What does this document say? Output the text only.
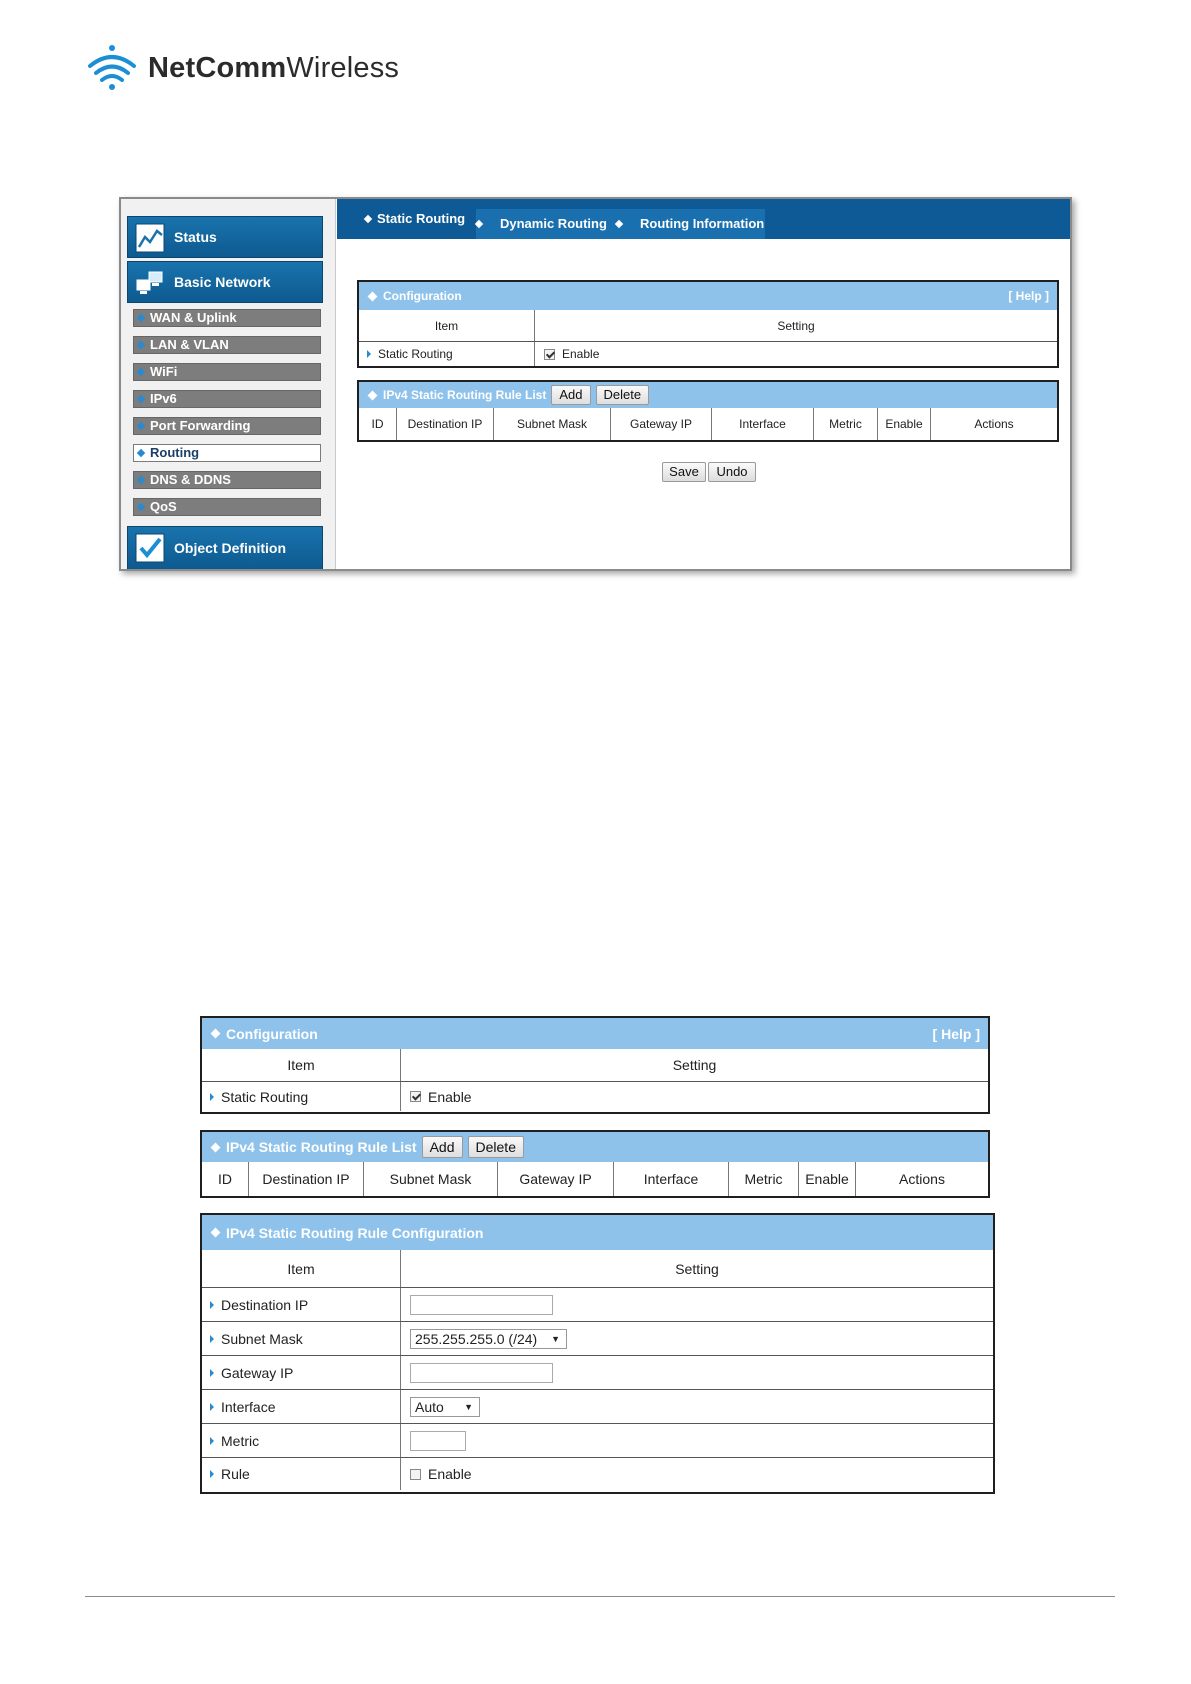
NetCommWireless
Status
Basic Network
WAN & Uplink
LAN & VLAN
WiFi
IPv6
Port Forwarding
Routing
DNS & DDNS
QoS
Object Definition
Static Routing	Dynamic Routing	Routing Information
Configuration	[ Help ]
Item	Setting
Static Routing	Enable
IPv4 Static Routing Rule List	Add	Delete
ID	Destination IP	Subnet Mask	Gateway IP	Interface	Metric	Enable	Actions
Save	Undo
Configuration	[ Help ]
Item	Setting
Static Routing	Enable
IPv4 Static Routing Rule List Add	Delete
ID	Destination IP	Subnet Mask	Gateway IP	Interface	Metric	Enable	Actions
IPv4 Static Routing Rule Configuration
Item	Setting
Destination IP
Subnet Mask	255.255.255.0 (/24) ▼
Gateway IP
Interface	Auto ▼
Metric
Rule	Enable
